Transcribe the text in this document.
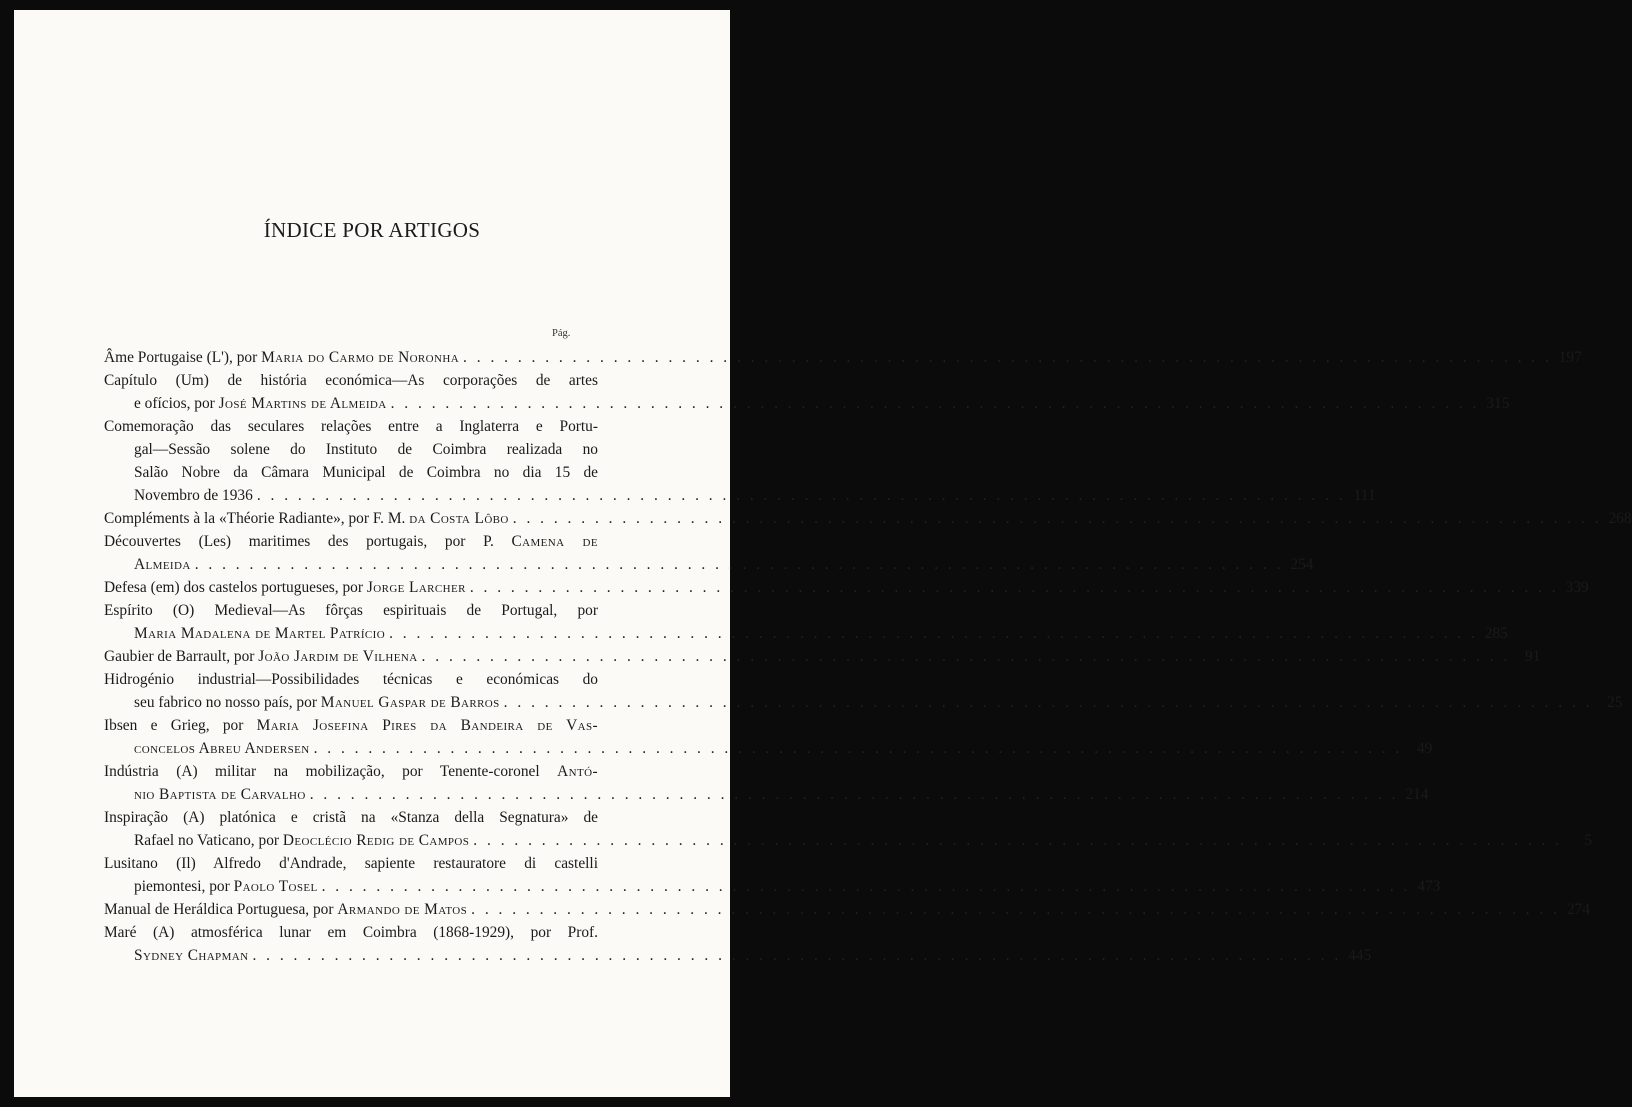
ÍNDICE POR ARTIGOS
Pág.
Âme Portugaise (L'), por Maria do Carmo de Noronha . . . . . . . . . . . . . . . . . . . . . . . . . . . . . . . . . . . . . . . . . . . . . . . . . . . . . . . . . . . . . . . . . . . . . . . . . . . . . . . . 197
Capítulo (Um) de história económica—As corporações de artes
e ofícios, por José Martins de Almeida . . . . . . . . . . . . . . . . . . . . . . . . . . . . . . . . . . . . . . . . . . . . . . . . . . . . . . . . . . . . . . . . . . . . . . . . . . . . . . . . 315
Comemoração das seculares relações entre a Inglaterra e Portu-
gal—Sessão solene do Instituto de Coimbra realizada no
Salão Nobre da Câmara Municipal de Coimbra no dia 15 de
Novembro de 1936 . . . . . . . . . . . . . . . . . . . . . . . . . . . . . . . . . . . . . . . . . . . . . . . . . . . . . . . . . . . . . . . . . . . . . . . . . . . . . . . . 111
Compléments à la «Théorie Radiante», por F. M. da Costa Lôbo . . . . . . . . . . . . . . . . . . . . . . . . . . . . . . . . . . . . . . . . . . . . . . . . . . . . . . . . . . . . . . . . . . . . . . . . . . . . . . . . 268
Découvertes (Les) maritimes des portugais, por P. Camena de
Almeida . . . . . . . . . . . . . . . . . . . . . . . . . . . . . . . . . . . . . . . . . . . . . . . . . . . . . . . . . . . . . . . . . . . . . . . . . . . . . . . . 254
Defesa (em) dos castelos portugueses, por Jorge Larcher . . . . . . . . . . . . . . . . . . . . . . . . . . . . . . . . . . . . . . . . . . . . . . . . . . . . . . . . . . . . . . . . . . . . . . . . . . . . . . . . 339
Espírito (O) Medieval—As fôrças espirituais de Portugal, por
Maria Madalena de Martel Patrício . . . . . . . . . . . . . . . . . . . . . . . . . . . . . . . . . . . . . . . . . . . . . . . . . . . . . . . . . . . . . . . . . . . . . . . . . . . . . . . . 285
Gaubier de Barrault, por João Jardim de Vilhena . . . . . . . . . . . . . . . . . . . . . . . . . . . . . . . . . . . . . . . . . . . . . . . . . . . . . . . . . . . . . . . . . . . . . . . . . . . . . . . . 91
Hidrogénio industrial—Possibilidades técnicas e económicas do
seu fabrico no nosso país, por Manuel Gaspar de Barros . . . . . . . . . . . . . . . . . . . . . . . . . . . . . . . . . . . . . . . . . . . . . . . . . . . . . . . . . . . . . . . . . . . . . . . . . . . . . . . . 25
Ibsen e Grieg, por Maria Josefina Pires da Bandeira de Vas-
concelos Abreu Andersen . . . . . . . . . . . . . . . . . . . . . . . . . . . . . . . . . . . . . . . . . . . . . . . . . . . . . . . . . . . . . . . . . . . . . . . . . . . . . . . . 49
Indústria (A) militar na mobilização, por Tenente-coronel Antó-
nio Baptista de Carvalho . . . . . . . . . . . . . . . . . . . . . . . . . . . . . . . . . . . . . . . . . . . . . . . . . . . . . . . . . . . . . . . . . . . . . . . . . . . . . . . . 214
Inspiração (A) platónica e cristã na «Stanza della Segnatura» de
Rafael no Vaticano, por Deoclécio Redig de Campos . . . . . . . . . . . . . . . . . . . . . . . . . . . . . . . . . . . . . . . . . . . . . . . . . . . . . . . . . . . . . . . . . . . . . . . . . . . . . . . .	5
Lusitano (Il) Alfredo d'Andrade, sapiente restauratore di castelli
piemontesi, por Paolo Tosel . . . . . . . . . . . . . . . . . . . . . . . . . . . . . . . . . . . . . . . . . . . . . . . . . . . . . . . . . . . . . . . . . . . . . . . . . . . . . . . . 473
Manual de Heráldica Portuguesa, por Armando de Matos . . . . . . . . . . . . . . . . . . . . . . . . . . . . . . . . . . . . . . . . . . . . . . . . . . . . . . . . . . . . . . . . . . . . . . . . . . . . . . . . 274
Maré (A) atmosférica lunar em Coimbra (1868-1929), por Prof.
Sydney Chapman . . . . . . . . . . . . . . . . . . . . . . . . . . . . . . . . . . . . . . . . . . . . . . . . . . . . . . . . . . . . . . . . . . . . . . . . . . . . . . . . 445
